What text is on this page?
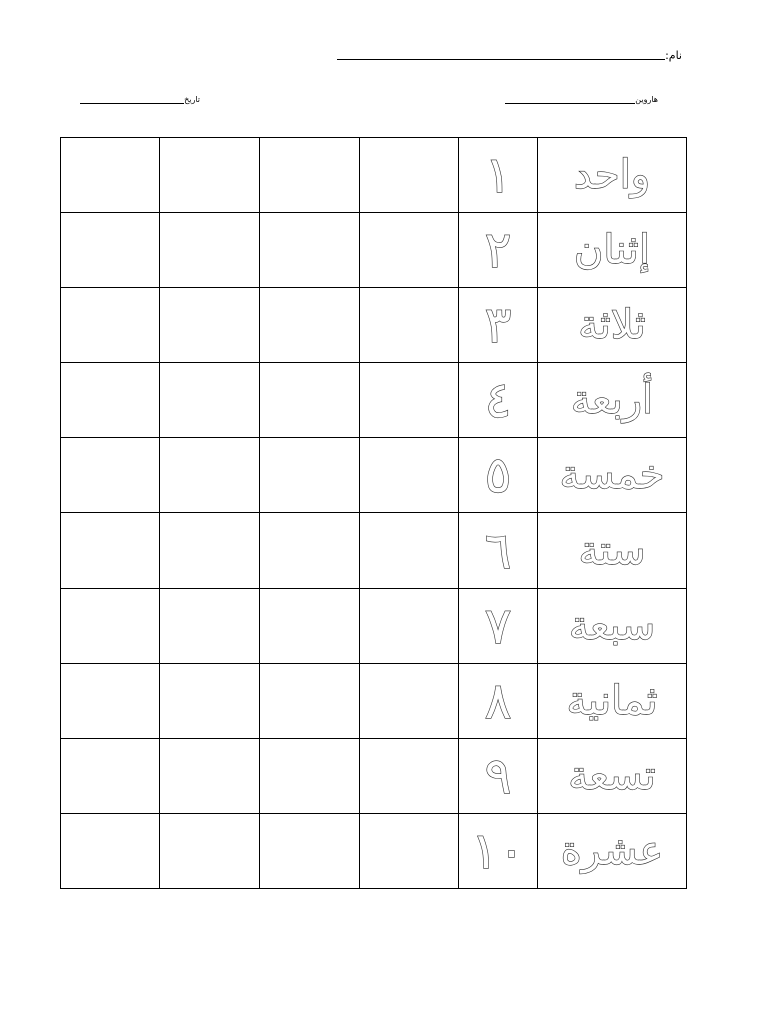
نام:
هاروين
تاريخ

				١	واحد

				٢	إثنان

				٣	ثلاثة

				٤	أربعة

				٥	خمسة

				٦	ستة

				٧	سبعة

				٨	ثمانية

				٩	تسعة

				١٠	عشرة
